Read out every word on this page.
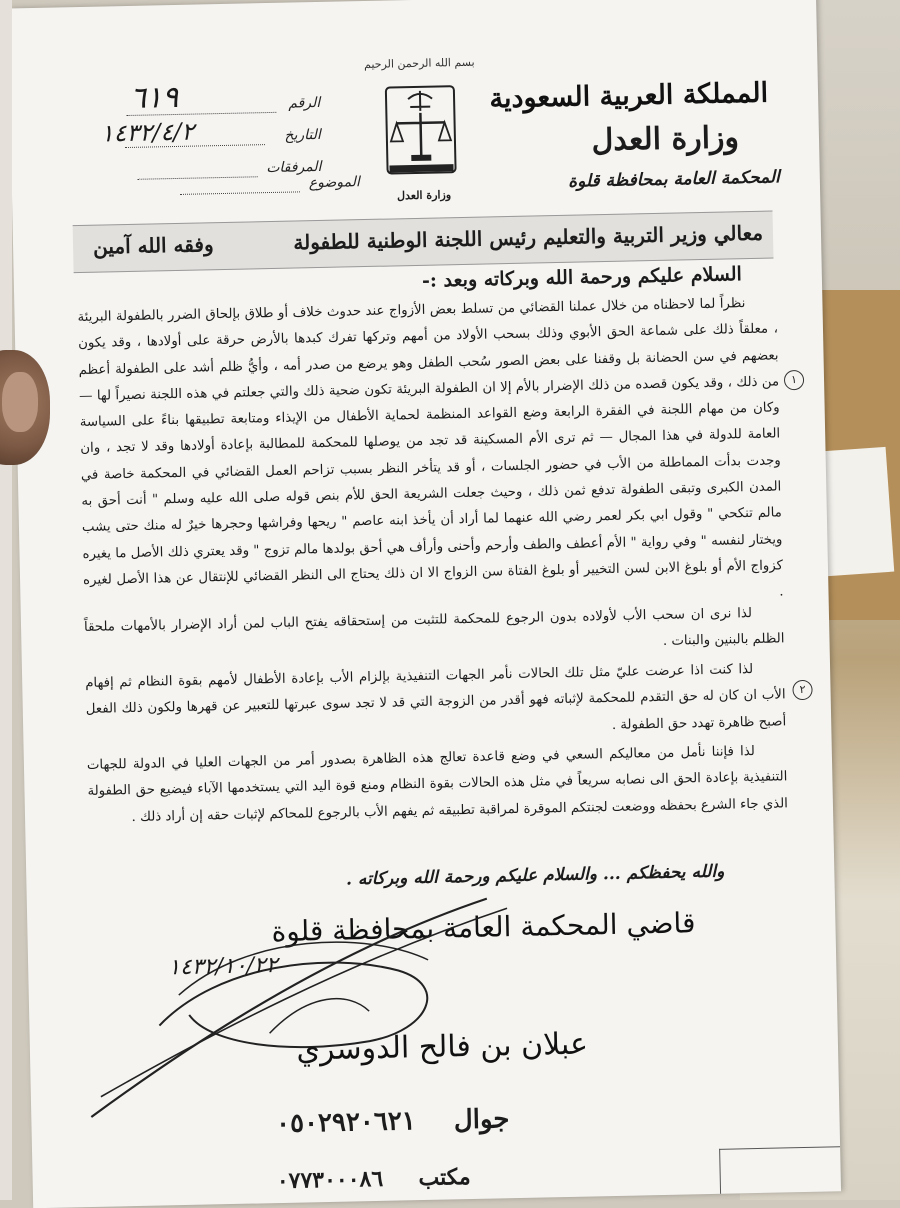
بسم الله الرحمن الرحيم
وزارة العدل
المملكة العربية السعودية
وزارة العدل
المحكمة العامة بمحافظة قلوة
الرقم
التاريخ
المرفقات
٦١٩
١٤٣٢/٤/٢
الموضوع
معالي وزير التربية والتعليم رئيس اللجنة الوطنية للطفولة
وفقه الله آمين
السلام عليكم ورحمة الله وبركاته وبعد :-
نظراً لما لاحظناه من خلال عملنا القضائي من تسلط بعض الأزواج عند حدوث خلاف أو طلاق بإلحاق الضرر بالطفولة البريئة ، معلقاً ذلك على شماعة الحق الأبوي وذلك بسحب الأولاد من أمهم وتركها تفرك كبدها بالأرض حرقة على أولادها ، وقد يكون بعضهم في سن الحضانة بل وقفنا على بعض الصور سُحب الطفل وهو يرضع من صدر أمه ، وأيُّ ظلم أشد على الطفولة أعظم من ذلك ، وقد يكون قصده من ذلك الإضرار بالأم إلا ان الطفولة البريئة تكون ضحية ذلك والتي جعلتم في هذه اللجنة نصيراً لها — وكان من مهام اللجنة في الفقرة الرابعة وضع القواعد المنظمة لحماية الأطفال من الإيذاء ومتابعة تطبيقها بناءً على السياسة العامة للدولة في هذا المجال — ثم ترى الأم المسكينة قد تجد من يوصلها للمحكمة للمطالبة بإعادة أولادها وقد لا تجد ، وان وجدت بدأت المماطلة من الأب في حضور الجلسات ، أو قد يتأخر النظر بسبب تزاحم العمل القضائي في المحكمة خاصة في المدن الكبرى وتبقى الطفولة تدفع ثمن ذلك ، وحيث جعلت الشريعة الحق للأم بنص قوله صلى الله عليه وسلم " أنت أحق به مالم تنكحي " وقول ابي بكر لعمر رضي الله عنهما لما أراد أن يأخذ ابنه عاصم " ريحها وفراشها وحجرها خيرٌ له منك حتى يشب ويختار لنفسه " وفي رواية " الأم أعطف والطف وأرحم وأحنى وأرأف هي أحق بولدها مالم تزوج " وقد يعتري ذلك الأصل ما يغيره كزواج الأم أو بلوغ الابن لسن التخيير أو بلوغ الفتاة سن الزواج الا ان ذلك يحتاج الى النظر القضائي للإنتقال عن هذا الأصل لغيره .
لذا نرى ان سحب الأب لأولاده بدون الرجوع للمحكمة للتثبت من إستحقاقه يفتح الباب لمن أراد الإضرار بالأمهات ملحقاً الظلم بالبنين والبنات .
لذا كنت اذا عرضت عليّ مثل تلك الحالات نأمر الجهات التنفيذية بإلزام الأب بإعادة الأطفال لأمهم بقوة النظام ثم إفهام الأب ان كان له حق التقدم للمحكمة لإثباته فهو أقدر من الزوجة التي قد لا تجد سوى عبرتها للتعبير عن قهرها ولكون ذلك الفعل أصبح ظاهرة تهدد حق الطفولة .
لذا فإننا نأمل من معاليكم السعي في وضع قاعدة تعالج هذه الظاهرة بصدور أمر من الجهات العليا في الدولة للجهات التنفيذية بإعادة الحق الى نصابه سريعاً في مثل هذه الحالات بقوة النظام ومنع قوة اليد التي يستخدمها الآباء فيضيع حق الطفولة الذي جاء الشرع بحفظه ووضعت لجنتكم الموقرة لمراقبة تطبيقه ثم يفهم الأب بالرجوع للمحاكم لإثبات حقه إن أراد ذلك .
١
٢
والله يحفظكم ... والسلام عليكم ورحمة الله وبركاته .
قاضي المحكمة العامة بمحافظة قلوة
١٤٣٢/١٠/٢٢
عبلان بن فالح الدوسري
جوال  ٠٥٠٢٩٢٠٦٢١
مكتب  ٠٧٧٣٠٠٠٨٦
